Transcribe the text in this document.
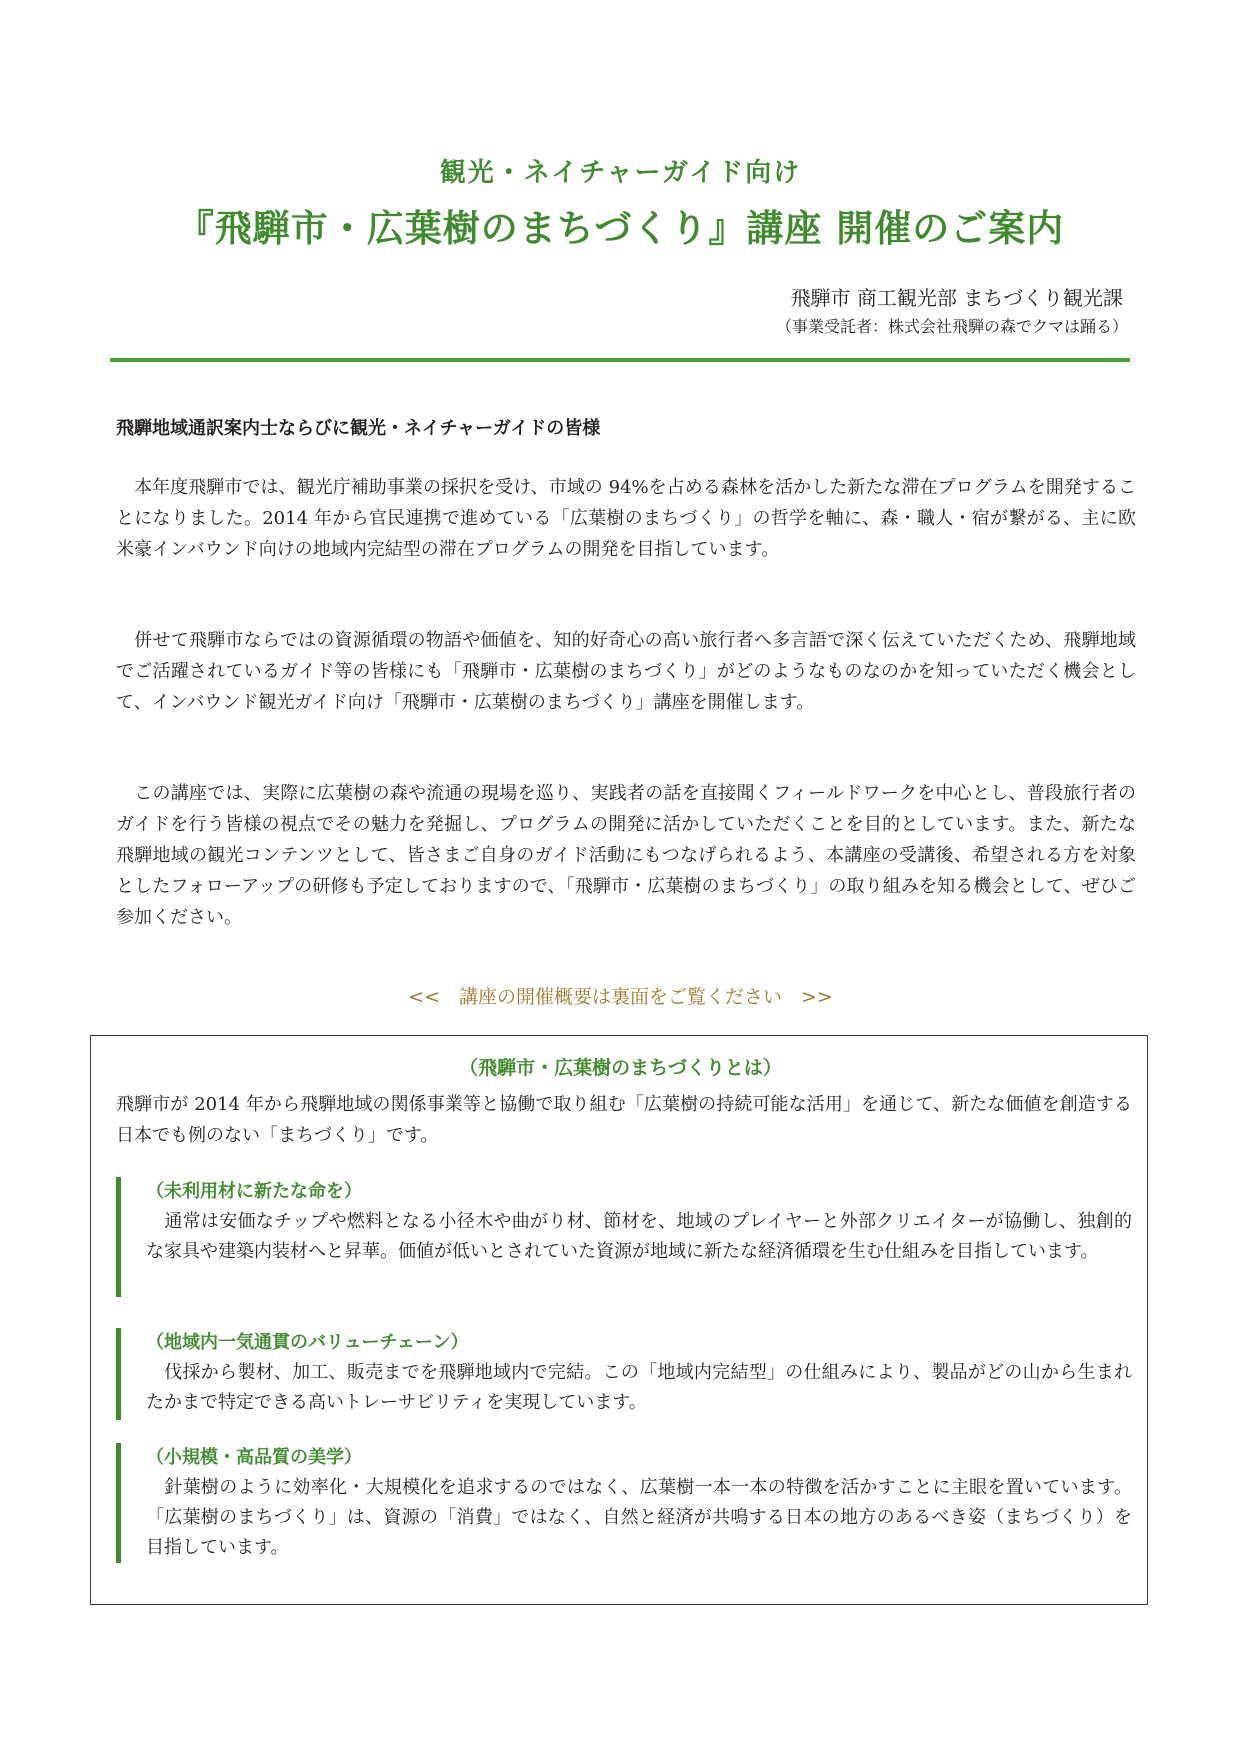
観光・ネイチャーガイド向け
『飛騨市・広葉樹のまちづくり』講座 開催のご案内
飛騨市 商工観光部 まちづくり観光課
（事業受託者：株式会社飛騨の森でクマは踊る）
飛騨地域通訳案内士ならびに観光・ネイチャーガイドの皆様

　本年度飛騨市では、観光庁補助事業の採択を受け、市域の 94%を占める森林を活かした新たな滞在プログラムを開発することになりました。2014 年から官民連携で進めている「広葉樹のまちづくり」の哲学を軸に、森・職人・宿が繋がる、主に欧米豪インバウンド向けの地域内完結型の滞在プログラムの開発を目指しています。

　併せて飛騨市ならではの資源循環の物語や価値を、知的好奇心の高い旅行者へ多言語で深く伝えていただくため、飛騨地域でご活躍されているガイド等の皆様にも「飛騨市・広葉樹のまちづくり」がどのようなものなのかを知っていただく機会として、インバウンド観光ガイド向け「飛騨市・広葉樹のまちづくり」講座を開催します。

　この講座では、実際に広葉樹の森や流通の現場を巡り、実践者の話を直接聞くフィールドワークを中心とし、普段旅行者のガイドを行う皆様の視点でその魅力を発掘し、プログラムの開発に活かしていただくことを目的としています。また、新たな飛騨地域の観光コンテンツとして、皆さまご自身のガイド活動にもつなげられるよう、本講座の受講後、希望される方を対象としたフォローアップの研修も予定しておりますので、「飛騨市・広葉樹のまちづくり」の取り組みを知る機会として、ぜひご参加ください。

<<　講座の開催概要は裏面をご覧ください　>>
（飛騨市・広葉樹のまちづくりとは）

飛騨市が 2014 年から飛騨地域の関係事業等と協働で取り組む「広葉樹の持続可能な活用」を通じて、新たな価値を創造する日本でも例のない「まちづくり」です。

（未利用材に新たな命を）

　通常は安価なチップや燃料となる小径木や曲がり材、節材を、地域のプレイヤーと外部クリエイターが協働し、独創的な家具や建築内装材へと昇華。価値が低いとされていた資源が地域に新たな経済循環を生む仕組みを目指しています。

（地域内一気通貫のバリューチェーン）

　伐採から製材、加工、販売までを飛騨地域内で完結。この「地域内完結型」の仕組みにより、製品がどの山から生まれたかまで特定できる高いトレーサビリティを実現しています。

（小規模・高品質の美学）

　針葉樹のように効率化・大規模化を追求するのではなく、広葉樹一本一本の特徴を活かすことに主眼を置いています。「広葉樹のまちづくり」は、資源の「消費」ではなく、自然と経済が共鳴する日本の地方のあるべき姿（まちづくり）を目指しています。
